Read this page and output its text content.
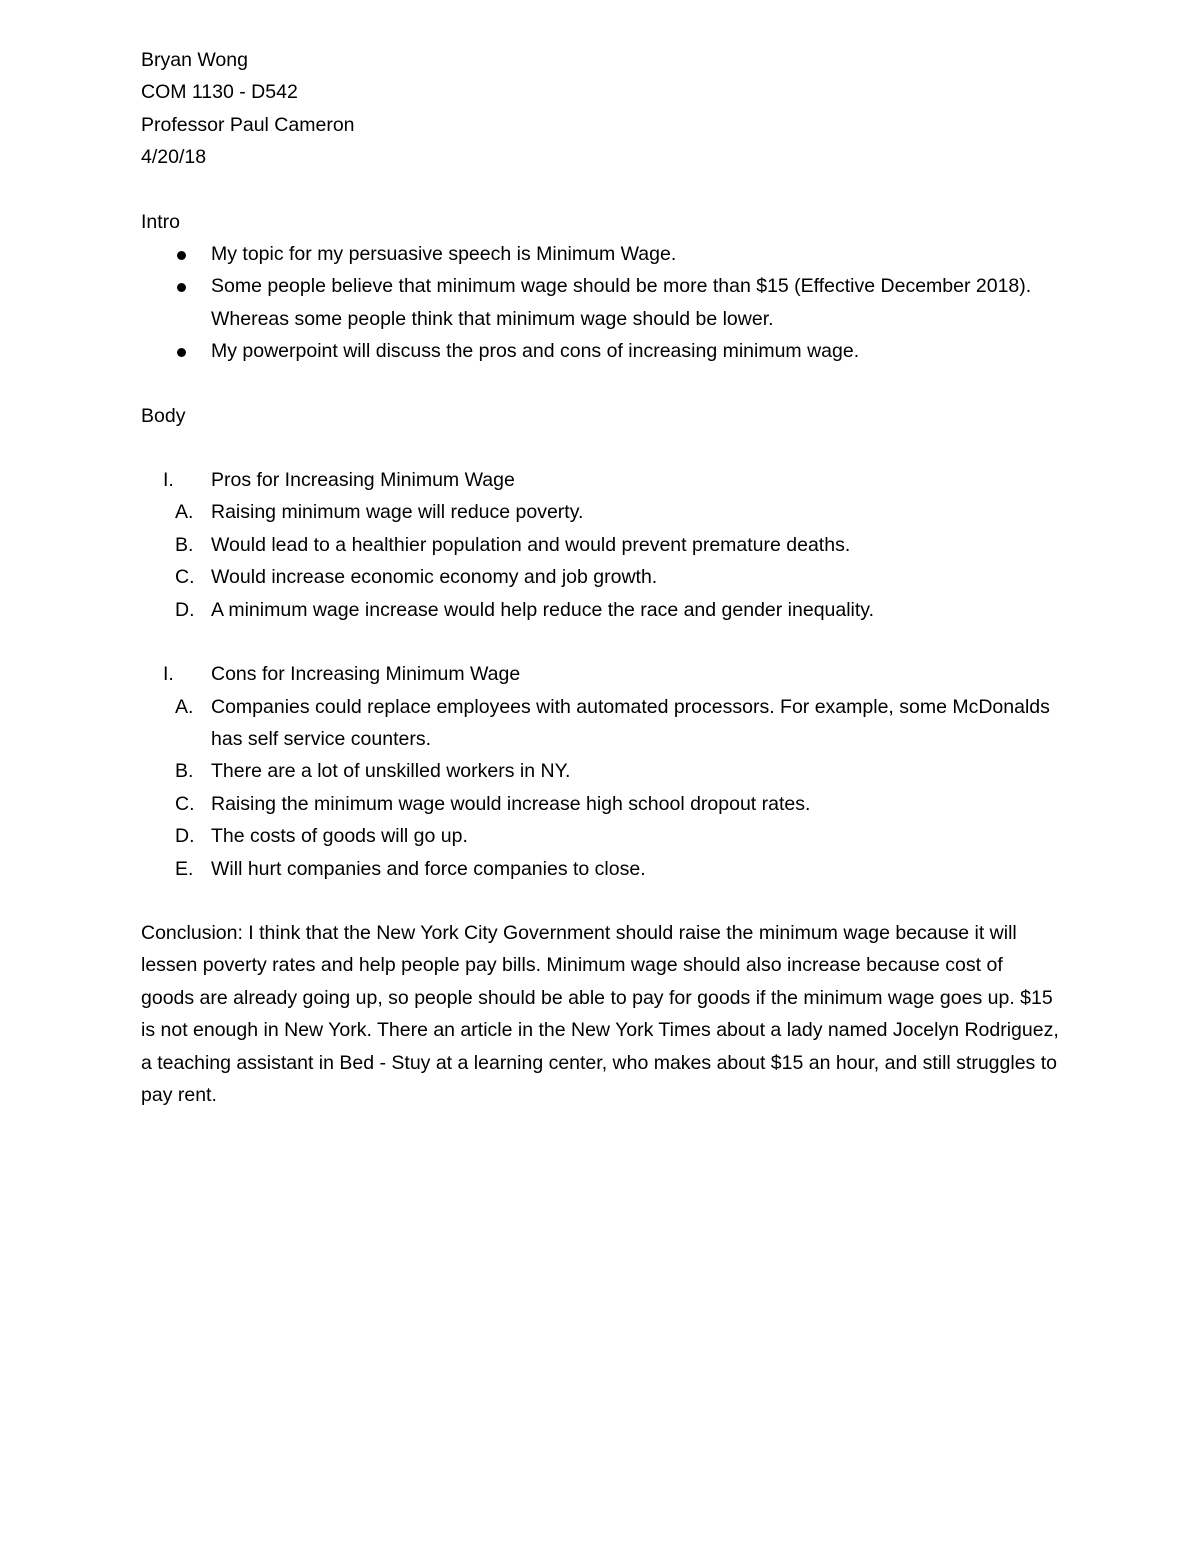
Bryan Wong
COM 1130 - D542
Professor Paul Cameron
4/20/18
Intro
My topic for my persuasive speech is Minimum Wage.
Some people believe that minimum wage should be more than $15 (Effective December 2018). Whereas some people think that minimum wage should be lower.
My powerpoint will discuss the pros and cons of increasing minimum wage.
Body
I. Pros for Increasing Minimum Wage
A. Raising minimum wage will reduce poverty.
B. Would lead to a healthier population and would prevent premature deaths.
C. Would increase economic economy and job growth.
D. A minimum wage increase would help reduce the race and gender inequality.
I. Cons for Increasing Minimum Wage
A. Companies could replace employees with automated processors. For example, some McDonalds has self service counters.
B. There are a lot of unskilled workers in NY.
C. Raising the minimum wage would increase high school dropout rates.
D. The costs of goods will go up.
E. Will hurt companies and force companies to close.
Conclusion: I think that the New York City Government should raise the minimum wage because it will lessen poverty rates and help people pay bills. Minimum wage should also increase because cost of goods are already going up, so people should be able to pay for goods if the minimum wage goes up. $15 is not enough in New York. There an article in the New York Times about a lady named Jocelyn Rodriguez, a teaching assistant in Bed - Stuy at a learning center, who makes about $15 an hour, and still struggles to pay rent.
